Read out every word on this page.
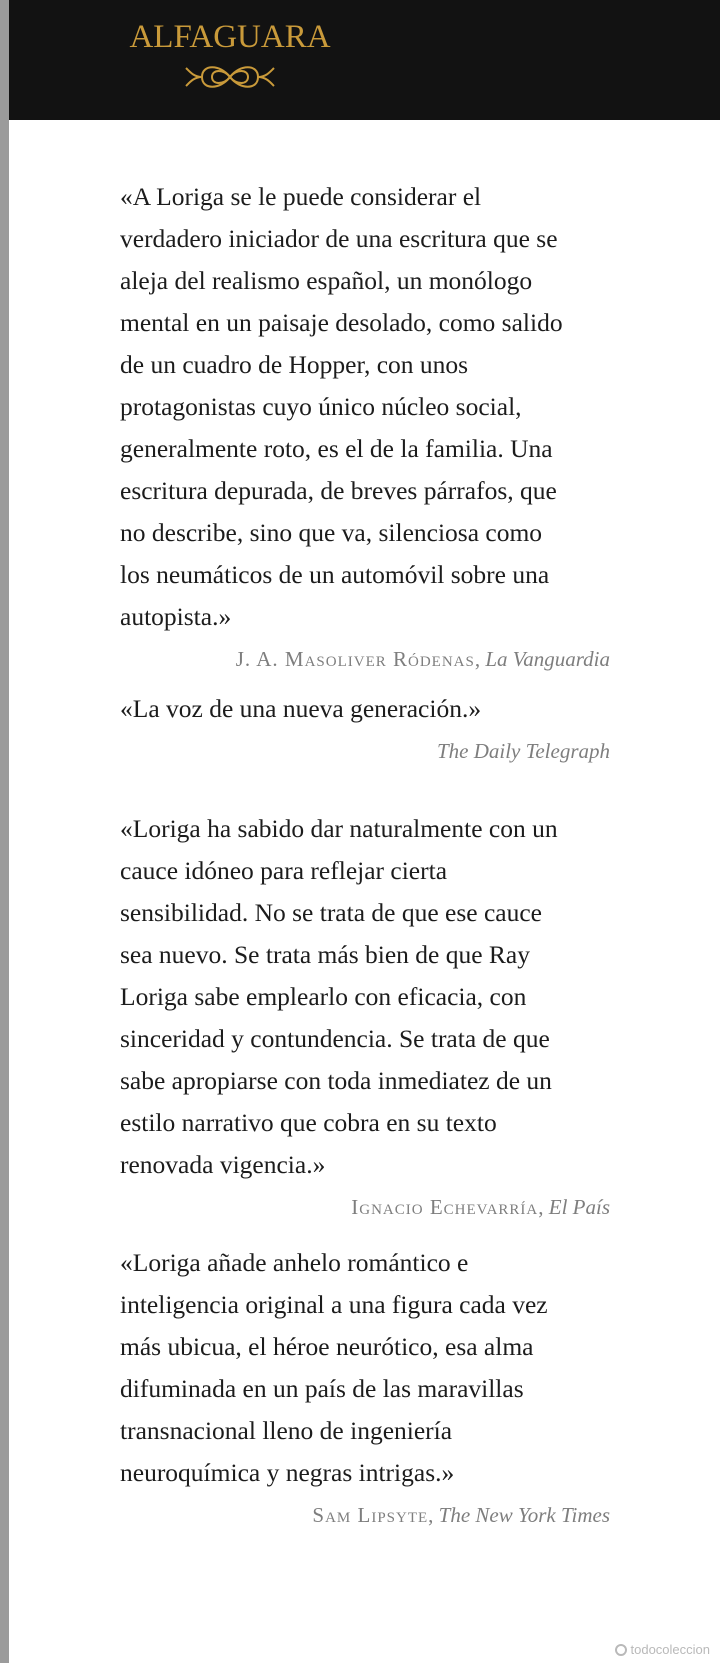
ALFAGUARA

«A Loriga se le puede considerar el
verdadero iniciador de una escritura que se
aleja del realismo español, un monólogo
mental en un paisaje desolado, como salido
de un cuadro de Hopper, con unos
protagonistas cuyo único núcleo social,
generalmente roto, es el de la familia. Una
escritura depurada, de breves párrafos, que
no describe, sino que va, silenciosa como
los neumáticos de un automóvil sobre una
autopista.»

J. A. Masoliver Ródenas, La Vanguardia

«La voz de una nueva generación.»

The Daily Telegraph

«Loriga ha sabido dar naturalmente con un
cauce idóneo para reflejar cierta
sensibilidad. No se trata de que ese cauce
sea nuevo. Se trata más bien de que Ray
Loriga sabe emplearlo con eficacia, con
sinceridad y contundencia. Se trata de que
sabe apropiarse con toda inmediatez de un
estilo narrativo que cobra en su texto
renovada vigencia.»

Ignacio Echevarría, El País

«Loriga añade anhelo romántico e
inteligencia original a una figura cada vez
más ubicua, el héroe neurótico, esa alma
difuminada en un país de las maravillas
transnacional lleno de ingeniería
neuroquímica y negras intrigas.»

Sam Lipsyte, The New York Times

todocoleccion
